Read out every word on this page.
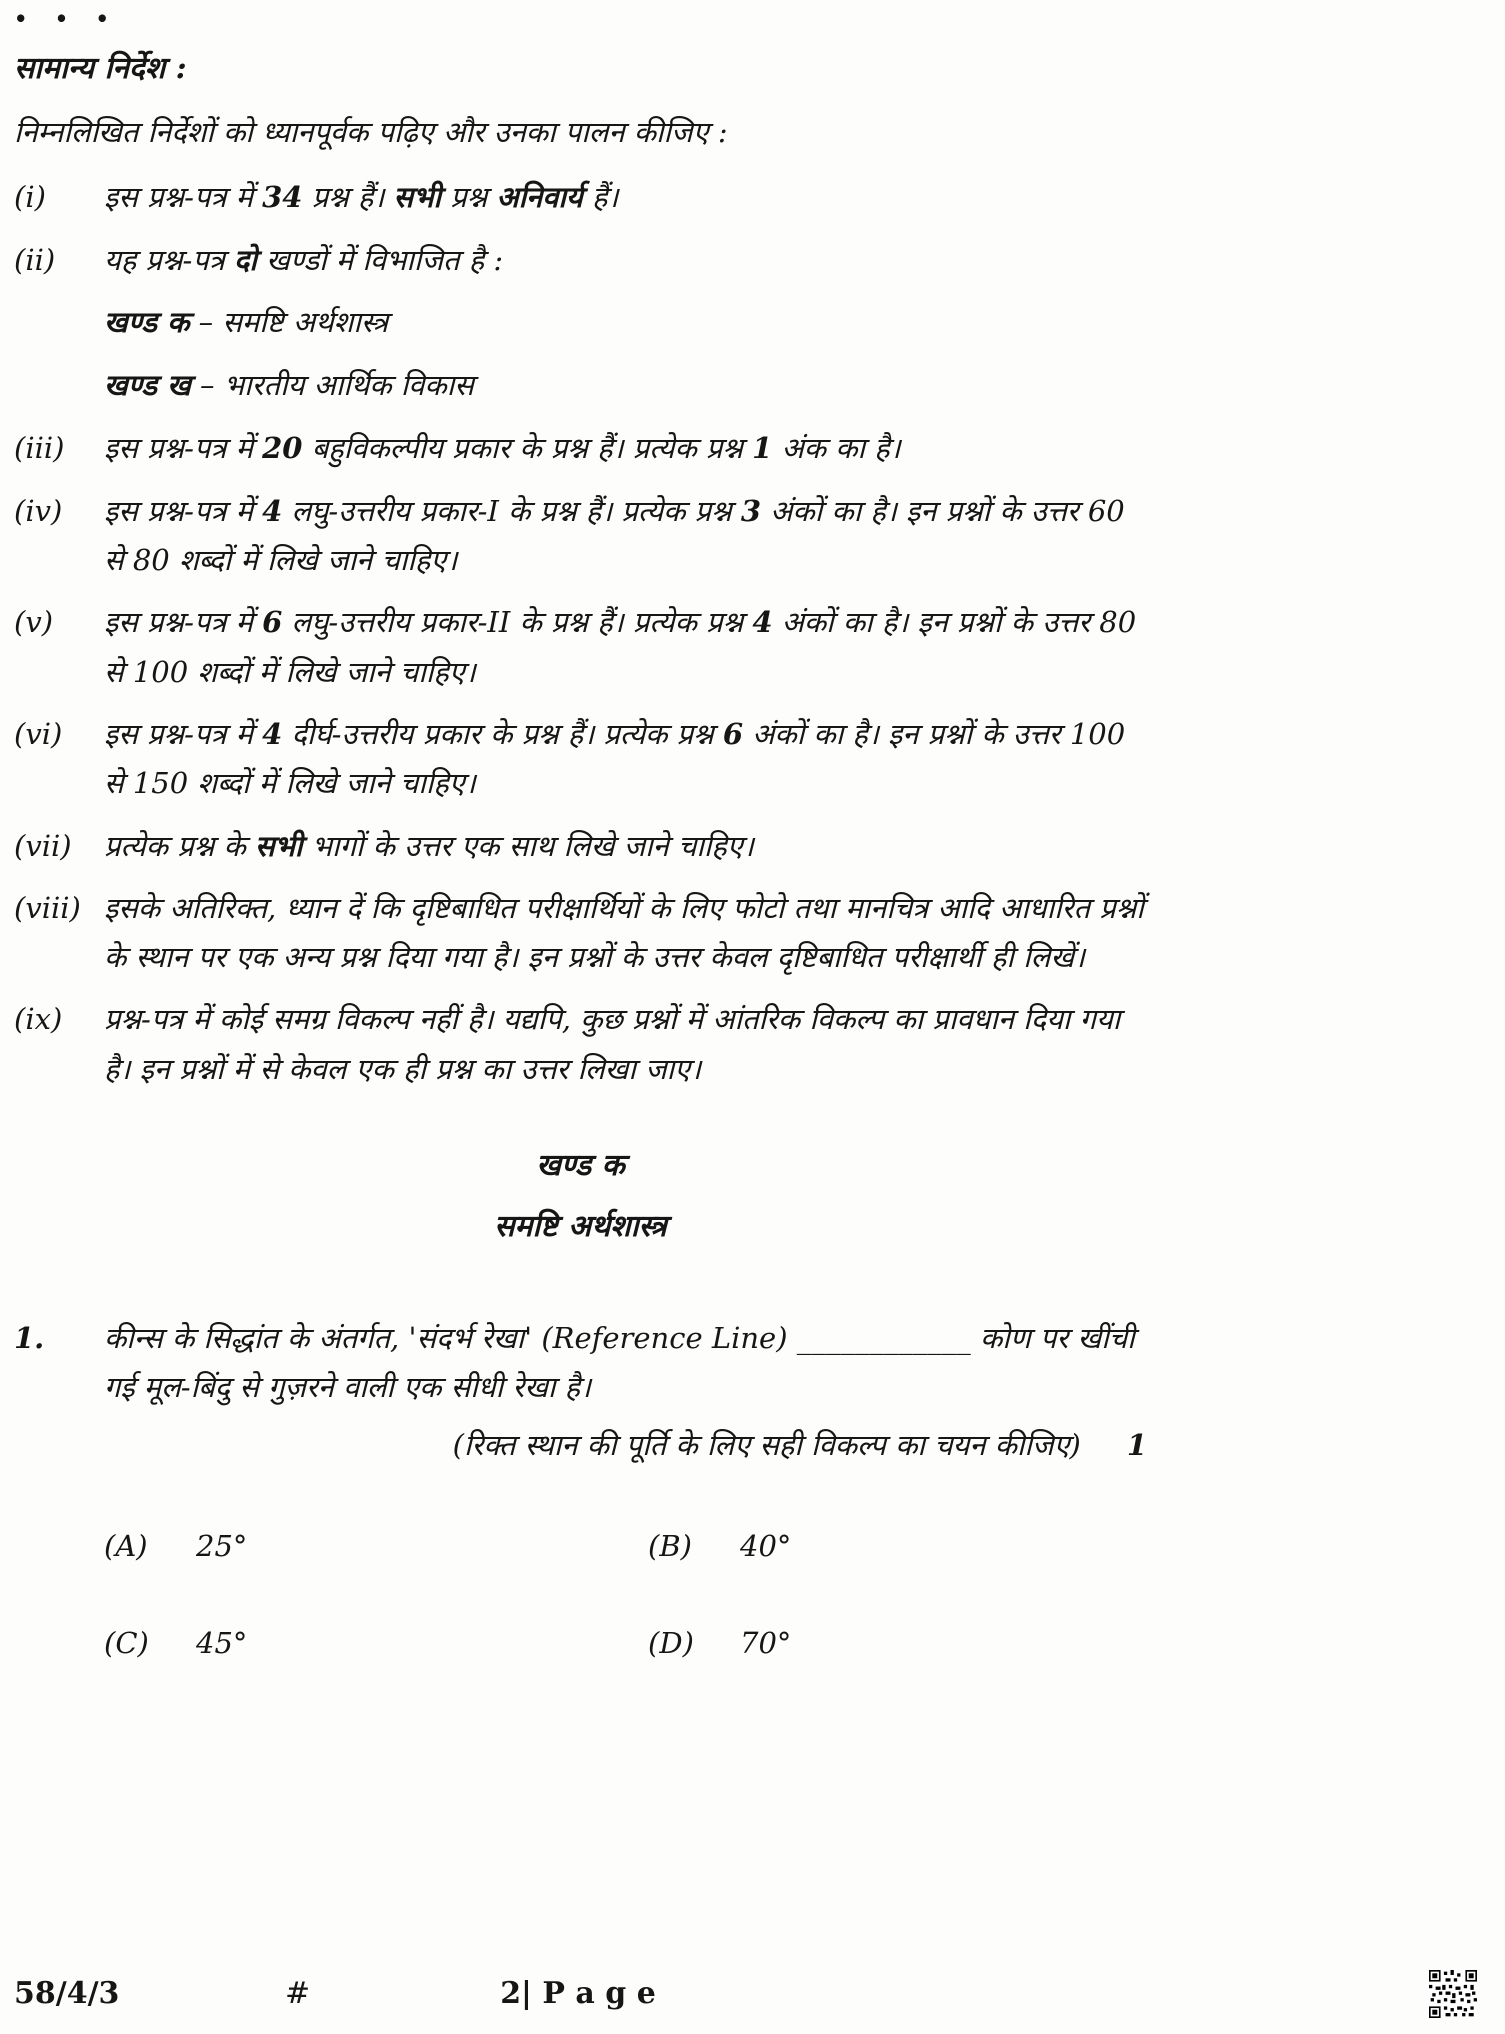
• • •
सामान्य निर्देश :

निम्नलिखित निर्देशों को ध्यानपूर्वक पढ़िए और उनका पालन कीजिए :

(i)	इस प्रश्न-पत्र में 34 प्रश्न हैं। सभी प्रश्न अनिवार्य हैं।
(ii)	यह प्रश्न-पत्र दो खण्डों में विभाजित है :
खण्ड क – समष्टि अर्थशास्त्र
खण्ड ख – भारतीय आर्थिक विकास
(iii)	इस प्रश्न-पत्र में 20 बहुविकल्पीय प्रकार के प्रश्न हैं। प्रत्येक प्रश्न 1 अंक का है।
(iv)	इस प्रश्न-पत्र में 4 लघु-उत्तरीय प्रकार-I के प्रश्न हैं। प्रत्येक प्रश्न 3 अंकों का है। इन प्रश्नों के उत्तर 60 से 80 शब्दों में लिखे जाने चाहिए।
(v)	इस प्रश्न-पत्र में 6 लघु-उत्तरीय प्रकार-II के प्रश्न हैं। प्रत्येक प्रश्न 4 अंकों का है। इन प्रश्नों के उत्तर 80 से 100 शब्दों में लिखे जाने चाहिए।
(vi)	इस प्रश्न-पत्र में 4 दीर्घ-उत्तरीय प्रकार के प्रश्न हैं। प्रत्येक प्रश्न 6 अंकों का है। इन प्रश्नों के उत्तर 100 से 150 शब्दों में लिखे जाने चाहिए।
(vii)	प्रत्येक प्रश्न के सभी भागों के उत्तर एक साथ लिखे जाने चाहिए।
(viii) इसके अतिरिक्त, ध्यान दें कि दृष्टिबाधित परीक्षार्थियों के लिए फोटो तथा मानचित्र आदि आधारित प्रश्नों के स्थान पर एक अन्य प्रश्न दिया गया है। इन प्रश्नों के उत्तर केवल दृष्टिबाधित परीक्षार्थी ही लिखें।
(ix)	प्रश्न-पत्र में कोई समग्र विकल्प नहीं है। यद्यपि, कुछ प्रश्नों में आंतरिक विकल्प का प्रावधान दिया गया है। इन प्रश्नों में से केवल एक ही प्रश्न का उत्तर लिखा जाए।
खण्ड क
समष्टि अर्थशास्त्र
1.	कीन्स के सिद्धांत के अंतर्गत, 'संदर्भ रेखा' (Reference Line) ____________ कोण पर खींची गई मूल-बिंदु से गुज़रने वाली एक सीधी रेखा है।

(रिक्त स्थान की पूर्ति के लिए सही विकल्प का चयन कीजिए) 1
(A)	25°	(B)	40°
(C)	45°	(D)	70°
58/4/3	#	2| P a g e
